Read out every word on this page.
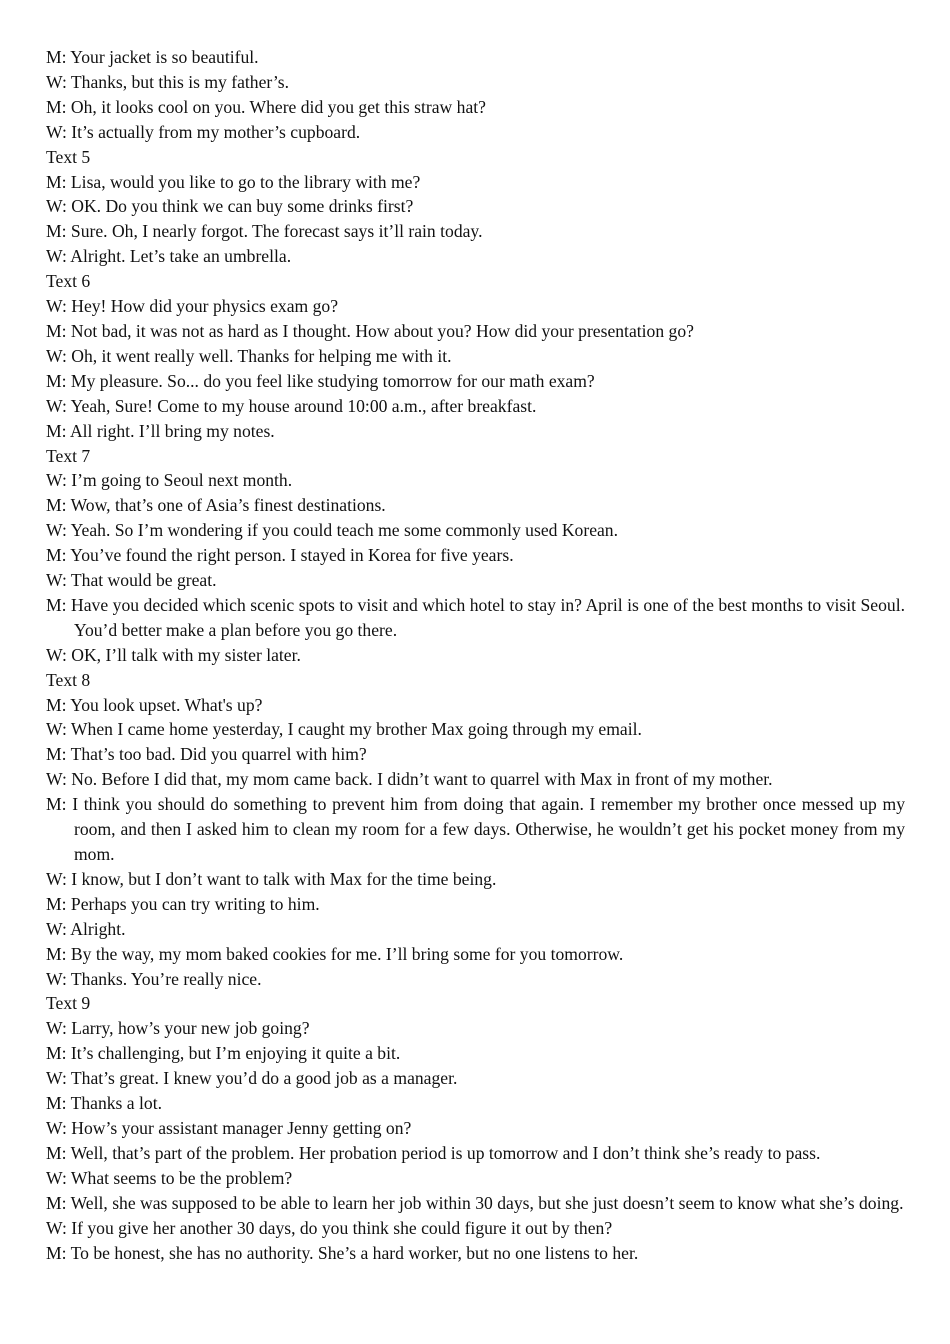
M: Your jacket is so beautiful.

W: Thanks, but this is my father’s.

M: Oh, it looks cool on you. Where did you get this straw hat?

W: It’s actually from my mother’s cupboard.

Text 5

M: Lisa, would you like to go to the library with me?

W: OK. Do you think we can buy some drinks first?

M: Sure. Oh, I nearly forgot. The forecast says it’ll rain today.

W: Alright. Let’s take an umbrella.

Text 6

W: Hey! How did your physics exam go?

M: Not bad, it was not as hard as I thought. How about you? How did your presentation go?

W: Oh, it went really well. Thanks for helping me with it.

M: My pleasure. So... do you feel like studying tomorrow for our math exam?

W: Yeah, Sure! Come to my house around 10:00 a.m., after breakfast.

M: All right. I’ll bring my notes.

Text 7

W: I’m going to Seoul next month.

M: Wow, that’s one of Asia’s finest destinations.

W: Yeah. So I’m wondering if you could teach me some commonly used Korean.

M: You’ve found the right person. I stayed in Korea for five years.

W: That would be great.

M: Have you decided which scenic spots to visit and which hotel to stay in? April is one of the best months to visit Seoul. You’d better make a plan before you go there.

W: OK, I’ll talk with my sister later.

Text 8

M: You look upset. What's up?

W: When I came home yesterday, I caught my brother Max going through my email.

M: That’s too bad. Did you quarrel with him?

W: No. Before I did that, my mom came back. I didn’t want to quarrel with Max in front of my mother.

M: I think you should do something to prevent him from doing that again. I remember my brother once messed up my room, and then I asked him to clean my room for a few days. Otherwise, he wouldn’t get his pocket money from my mom.

W: I know, but I don’t want to talk with Max for the time being.

M: Perhaps you can try writing to him.

W: Alright.

M: By the way, my mom baked cookies for me. I’ll bring some for you tomorrow.

W: Thanks. You’re really nice.

Text 9

W: Larry, how’s your new job going?

M: It’s challenging, but I’m enjoying it quite a bit.

W: That’s great. I knew you’d do a good job as a manager.

M: Thanks a lot.

W: How’s your assistant manager Jenny getting on?

M: Well, that’s part of the problem. Her probation period is up tomorrow and I don’t think she’s ready to pass.

W: What seems to be the problem?

M: Well, she was supposed to be able to learn her job within 30 days, but she just doesn’t seem to know what she’s doing.

W: If you give her another 30 days, do you think she could figure it out by then?

M: To be honest, she has no authority. She’s a hard worker, but no one listens to her.
